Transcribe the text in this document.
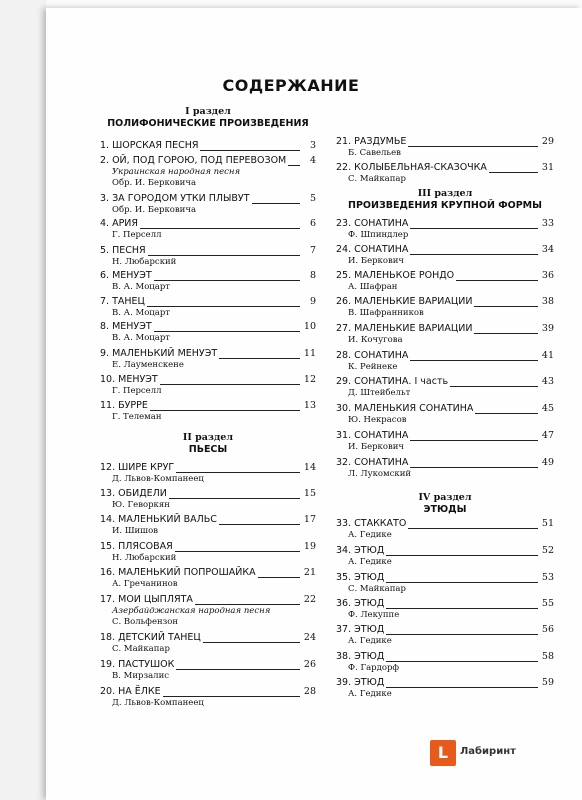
СОДЕРЖАНИЕ
I раздел
ПОЛИФОНИЧЕСКИЕ ПРОИЗВЕДЕНИЯ
II раздел
ПЬЕСЫ
III раздел
ПРОИЗВЕДЕНИЯ КРУПНОЙ ФОРМЫ
IV раздел
ЭТЮДЫ
1. ШОРСКАЯ ПЕСНЯ	3
2. ОЙ, ПОД ГОРОЮ, ПОД ПЕРЕВОЗОМ	4
Украинская народная песня
Обр. И. Берковича
3. ЗА ГОРОДОМ УТКИ ПЛЫВУТ	5
Обр. И. Берковича
4. АРИЯ	6
Г. Перселл
5. ПЕСНЯ	7
Н. Любарский
6. МЕНУЭТ	8
В. А. Моцарт
7. ТАНЕЦ	9
В. А. Моцарт
8. МЕНУЭТ	10
В. А. Моцарт
9. МАЛЕНЬКИЙ МЕНУЭТ	11
Е. Лауменскене
10. МЕНУЭТ	12
Г. Перселл
11. БУРРЕ	13
Г. Телеман
12. ШИРЕ КРУГ	14
Д. Львов-Компанеец
13. ОБИДЕЛИ	15
Ю. Геворкян
14. МАЛЕНЬКИЙ ВАЛЬС	17
И. Шишов
15. ПЛЯСОВАЯ	19
Н. Любарский
16. МАЛЕНЬКИЙ ПОПРОШАЙКА	21
А. Гречанинов
17. МОИ ЦЫПЛЯТА	22
Азербайджанская народная песня
С. Вольфензон
18. ДЕТСКИЙ ТАНЕЦ	24
С. Майкапар
19. ПАСТУШОК	26
В. Мирзалис
20. НА ЁЛКЕ	28
Д. Львов-Компанеец
21. РАЗДУМЬЕ	29
Б. Савельев
22. КОЛЫБЕЛЬНАЯ-СКАЗОЧКА	31
С. Майкапар
23. СОНАТИНА	33
Ф. Шпиндлер
24. СОНАТИНА	34
И. Беркович
25. МАЛЕНЬКОЕ РОНДО	36
А. Шафран
26. МАЛЕНЬКИЕ ВАРИАЦИИ	38
В. Шафранников
27. МАЛЕНЬКИЕ ВАРИАЦИИ	39
И. Кочугова
28. СОНАТИНА	41
К. Рейнеке
29. СОНАТИНА. I часть	43
Д. Штейбельт
30. МАЛЕНЬКИЯ СОНАТИНА	45
Ю. Некрасов
31. СОНАТИНА	47
И. Беркович
32. СОНАТИНА	49
Л. Лукомский
33. СТАККАТО	51
А. Гедике
34. ЭТЮД	52
А. Гедике
35. ЭТЮД	53
С. Майкапар
36. ЭТЮД	55
Ф. Лекуппе
37. ЭТЮД	56
А. Гедике
38. ЭТЮД	58
Ф. Гардорф
39. ЭТЮД	59
А. Гедике
L	Лабиринт
